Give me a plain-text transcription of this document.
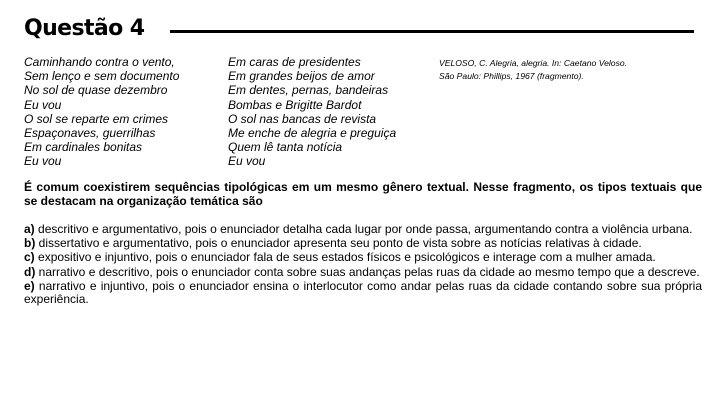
Questão 4
Caminhando contra o vento,
Sem lenço e sem documento
No sol de quase dezembro
Eu vou
O sol se reparte em crimes
Espaçonaves, guerrilhas
Em cardinales bonitas
Eu vou
Em caras de presidentes
Em grandes beijos de amor
Em dentes, pernas, bandeiras
Bombas e Brigitte Bardot
O sol nas bancas de revista
Me enche de alegria e preguiça
Quem lê tanta notícia
Eu vou
VELOSO, C. Alegria, alegria. In: Caetano Veloso.
São Paulo: Phillips, 1967 (fragmento).
É comum coexistirem sequências tipológicas em um mesmo gênero textual. Nesse fragmento, os tipos textuais que se destacam na organização temática são
a) descritivo e argumentativo, pois o enunciador detalha cada lugar por onde passa, argumentando contra a violência urbana.
b) dissertativo e argumentativo, pois o enunciador apresenta seu ponto de vista sobre as notícias relativas à cidade.
c) expositivo e injuntivo, pois o enunciador fala de seus estados físicos e psicológicos e interage com a mulher amada.
d) narrativo e descritivo, pois o enunciador conta sobre suas andanças pelas ruas da cidade ao mesmo tempo que a descreve.
e) narrativo e injuntivo, pois o enunciador ensina o interlocutor como andar pelas ruas da cidade contando sobre sua própria experiência.
